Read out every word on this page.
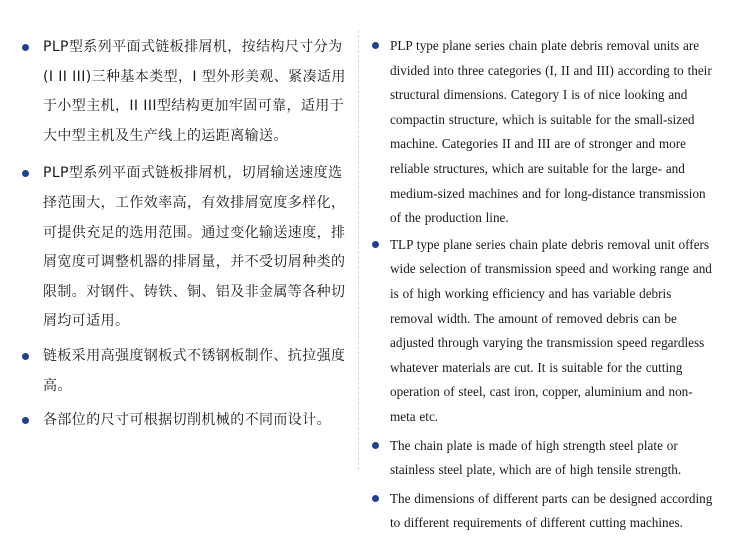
PLP型系列平面式链板排屑机，按结构尺寸分为(I II III)三种基本类型，I 型外形美观、紧凑适用于小型主机，II III型结构更加牢固可靠，适用于大中型主机及生产线上的运距离输送。
PLP型系列平面式链板排屑机，切屑输送速度选择范围大，工作效率高，有效排屑宽度多样化，可提供充足的选用范围。通过变化输送速度，排屑宽度可调整机器的排屑量，并不受切屑种类的限制。对钢件、铸铁、铜、铝及非金属等各种切屑均可适用。
链板采用高强度钢板式不锈钢板制作、抗拉强度高。
各部位的尺寸可根据切削机械的不同而设计。
PLP type plane series chain plate debris removal units are divided into three categories (I, II and III) according to their structural dimensions. Category I is of nice looking and compactin structure, which is suitable for the small-sized machine. Categories II and III are of stronger and more reliable structures, which are suitable for the large- and medium-sized machines and for long-distance transmission of the production line.
TLP type plane series chain plate debris removal unit offers wide selection of transmission speed and working range and is of high working efficiency and has variable debris removal width. The amount of removed debris can be adjusted through varying the transmission speed regardless whatever materials are cut. It is suitable for the cutting operation of steel, cast iron, copper, aluminium and non-meta etc.
The chain plate is made of high strength steel plate or stainless steel plate, which are of high tensile strength.
The dimensions of different parts can be designed according to different requirements of different cutting machines.
